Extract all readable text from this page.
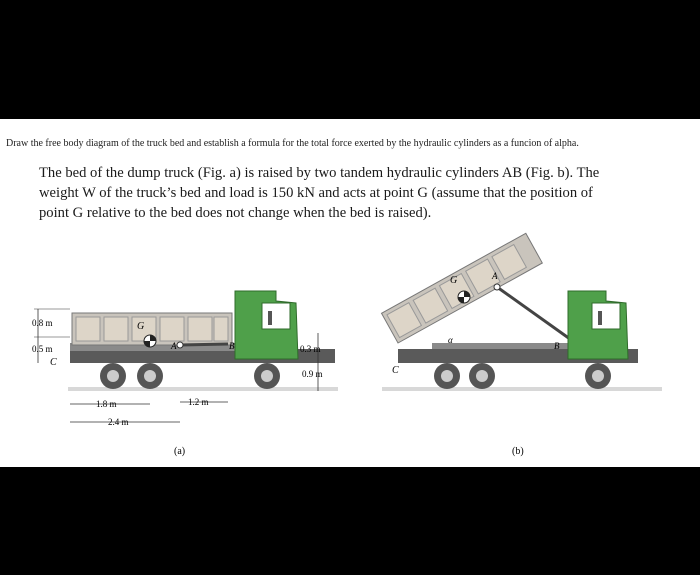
Draw the free body diagram of the truck bed and establish a formula for the total force exerted by the hydraulic cylinders as a funcion of alpha.

The bed of the dump truck (Fig. a) is raised by two tandem hydraulic cylinders AB (Fig. b). The

weight W of the truck’s bed and load is 150 kN and acts at point G (assume that the position of

point G relative to the bed does not change when the bed is raised).

0.8 m
0.5 m
C
G
A	B	0.3 m
0.9 m
1.8 m	1.2 m
2.4 m
(a)
G	A
B
C
α
(b)
